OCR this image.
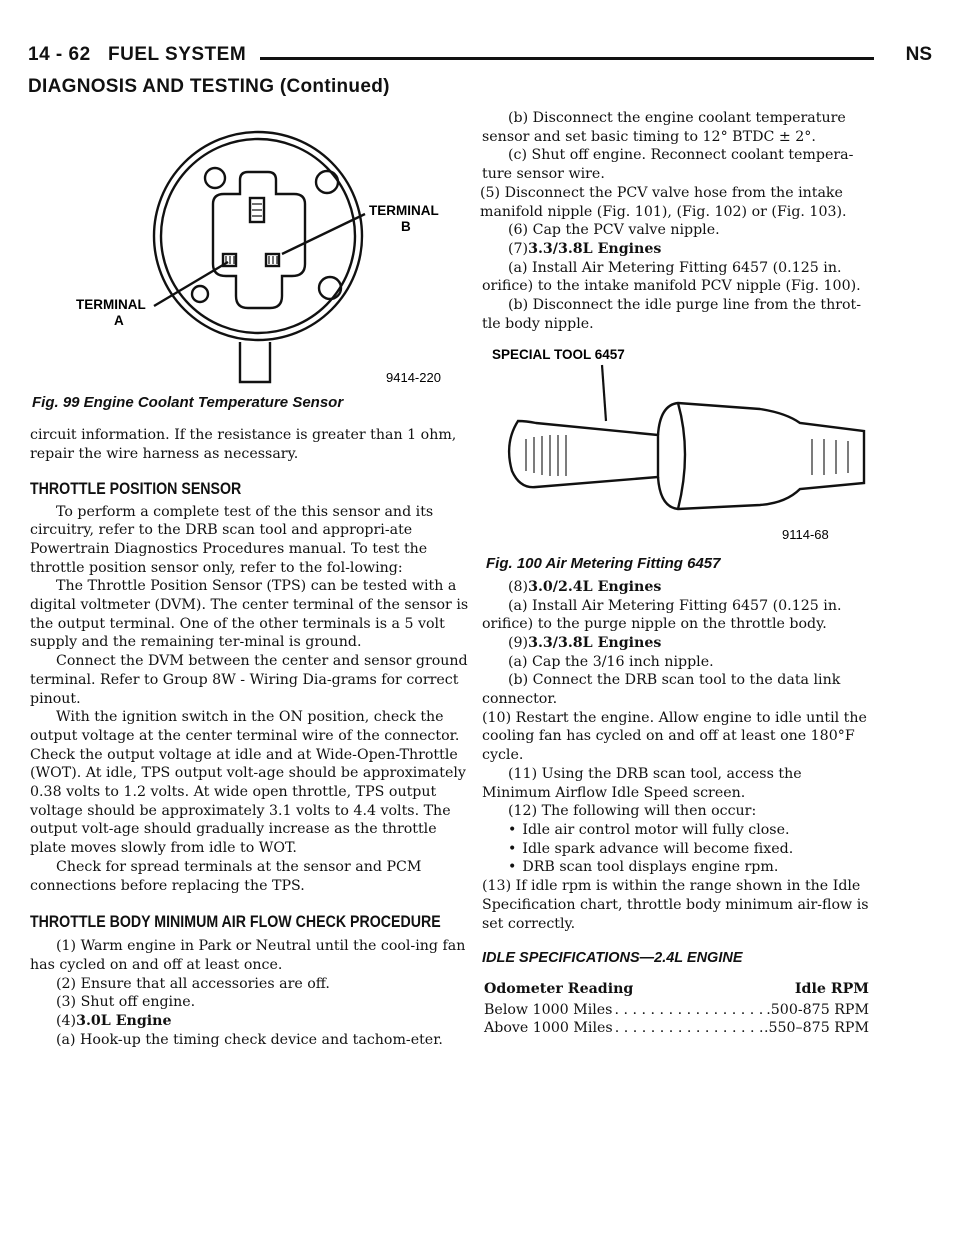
14 - 62 FUEL SYSTEM	NS
DIAGNOSIS AND TESTING (Continued)
TERMINAL
B
TERMINAL
A
9414-220
Fig. 99 Engine Coolant Temperature Sensor

circuit information. If the resistance is greater than 1 ohm, repair the wire harness as necessary.

THROTTLE POSITION SENSOR

To perform a complete test of the this sensor and its circuitry, refer to the DRB scan tool and appropri-ate Powertrain Diagnostics Procedures manual. To test the throttle position sensor only, refer to the fol-lowing:

The Throttle Position Sensor (TPS) can be tested with a digital voltmeter (DVM). The center terminal of the sensor is the output terminal. One of the other terminals is a 5 volt supply and the remaining ter-minal is ground.

Connect the DVM between the center and sensor ground terminal. Refer to Group 8W - Wiring Dia-grams for correct pinout.

With the ignition switch in the ON position, check the output voltage at the center terminal wire of the connector. Check the output voltage at idle and at Wide-Open-Throttle (WOT). At idle, TPS output volt-age should be approximately 0.38 volts to 1.2 volts. At wide open throttle, TPS output voltage should be approximately 3.1 volts to 4.4 volts. The output volt-age should gradually increase as the throttle plate moves slowly from idle to WOT.

Check for spread terminals at the sensor and PCM connections before replacing the TPS.

THROTTLE BODY MINIMUM AIR FLOW CHECK PROCEDURE

(1) Warm engine in Park or Neutral until the cool-ing fan has cycled on and off at least once.

(2) Ensure that all accessories are off.

(3) Shut off engine.

(4)3.0L Engine

(a) Hook-up the timing check device and tachom-eter.

(b) Disconnect the engine coolant temperature sensor and set basic timing to 12° BTDC ± 2°.

(c) Shut off engine. Reconnect coolant tempera-ture sensor wire.

(5) Disconnect the PCV valve hose from the intake manifold nipple (Fig. 101), (Fig. 102) or (Fig. 103).

(6) Cap the PCV valve nipple.

(7)3.3/3.8L Engines

(a) Install Air Metering Fitting 6457 (0.125 in. orifice) to the intake manifold PCV nipple (Fig. 100).

(b) Disconnect the idle purge line from the throt-tle body nipple.

SPECIAL TOOL 6457
9114-68
Fig. 100 Air Metering Fitting 6457

(8)3.0/2.4L Engines

(a) Install Air Metering Fitting 6457 (0.125 in. orifice) to the purge nipple on the throttle body.

(9)3.3/3.8L Engines

(a) Cap the 3/16 inch nipple.

(b) Connect the DRB scan tool to the data link connector.

(10) Restart the engine. Allow engine to idle until the cooling fan has cycled on and off at least one 180°F cycle.

(11) Using the DRB scan tool, access the Minimum Airflow Idle Speed screen.

(12) The following will then occur:

• Idle air control motor will fully close.

• Idle spark advance will become fixed.

• DRB scan tool displays engine rpm.

(13) If idle rpm is within the range shown in the Idle Specification chart, throttle body minimum air-flow is set correctly.

IDLE SPECIFICATIONS—2.4L ENGINE
Odometer Reading	Idle RPM
Below 1000 Miles . . .	.500-875 RPM
Above 1000 Miles . . .	.550–875 RPM
